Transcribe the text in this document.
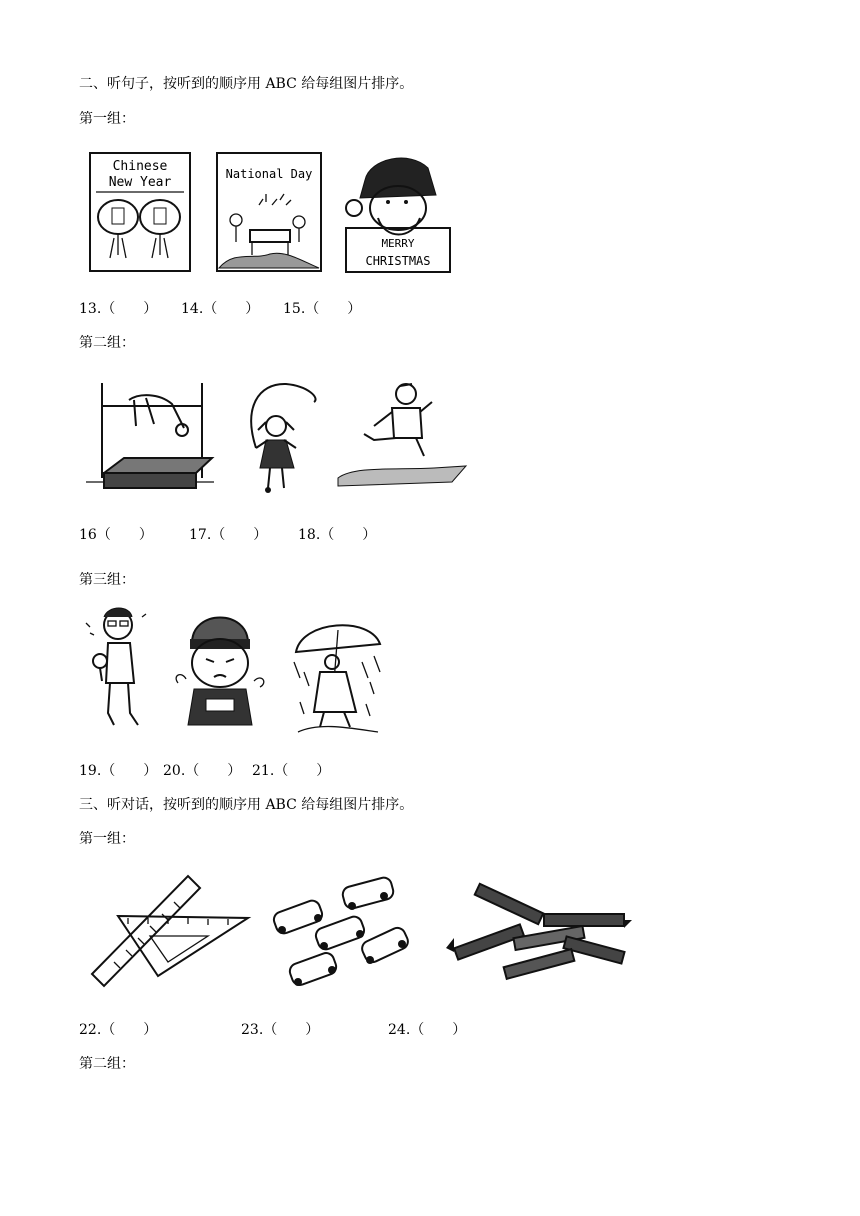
二、听句子，按听到的顺序用 ABC 给每组图片排序。
第一组：
Chinese
New Year
National Day
MERRY
CHRISTMAS
13.（　　） 14.（　　） 15.（　　）
第二组：
16（　　）	17.（　　） 18.（　　）
第三组：
19.（　　） 20.（　　） 21.（　　）
三、听对话，按听到的顺序用 ABC 给每组图片排序。
第一组：
22.（　　）	23.（　　）	24.（　　）
第二组：
